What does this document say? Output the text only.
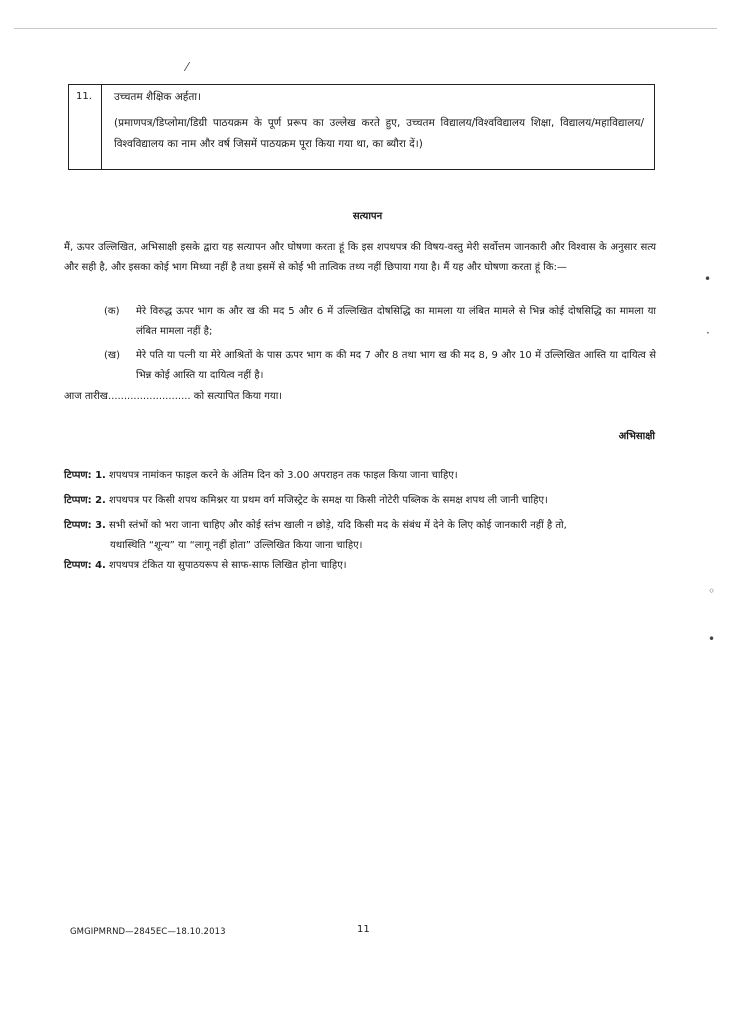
11. उच्चतम शैक्षिक अर्हता।
(प्रमाणपत्र/डिप्लोमा/डिग्री पाठयक्रम के पूर्ण प्ररूप का उल्लेख करते हुए, उच्चतम विद्यालय/विश्वविद्यालय शिक्षा, विद्यालय/महाविद्यालय/विश्वविद्यालय का नाम और वर्ष जिसमें पाठयक्रम पूरा किया गया था, का ब्यौरा दें।)
सत्यापन
मैं, ऊपर उल्लिखित, अभिसाक्षी इसके द्वारा यह सत्यापन और घोषणा करता हूं कि इस शपथपत्र की विषय-वस्तु मेरी सर्वोत्तम जानकारी और विश्वास के अनुसार सत्य और सही है, और इसका कोई भाग मिथ्या नहीं है तथा इसमें से कोई भी तात्विक तथ्य नहीं छिपाया गया है। मैं यह और घोषणा करता हूं कि:—
(क) मेरे विरुद्ध ऊपर भाग क और ख की मद 5 और 6 में उल्लिखित दोषसिद्धि का मामला या लंबित मामले से भिन्न कोई दोषसिद्धि का मामला या लंबित मामला नहीं है;
(ख) मेरे पति या पत्नी या मेरे आश्रितों के पास ऊपर भाग क की मद 7 और 8 तथा भाग ख की मद 8, 9 और 10 में उल्लिखित आस्ति या दायित्व से भिन्न कोई आस्ति या दायित्व नहीं है।
आज तारीख.......................... को सत्यापित किया गया।
अभिसाक्षी
टिप्पण: 1. शपथपत्र नामांकन फाइल करने के अंतिम दिन को 3.00 अपराहन तक फाइल किया जाना चाहिए।
टिप्पण: 2. शपथपत्र पर किसी शपथ कमिश्नर या प्रथम वर्ग मजिस्ट्रेट के समक्ष या किसी नोटेरी पब्लिक के समक्ष शपथ ली जानी चाहिए।
टिप्पण: 3. सभी स्तंभों को भरा जाना चाहिए और कोई स्तंभ खाली न छोड़े, यदि किसी मद के संबंध में देने के लिए कोई जानकारी नहीं है तो,
यथास्थिति “शून्य” या “लागू नहीं होता” उल्लिखित किया जाना चाहिए।
टिप्पण: 4. शपथपत्र टंकित या सुपाठयरूप से साफ-साफ लिखित होना चाहिए।
GMGIPMRND—2845EC—18.10.2013	11
⁄
•
·
◦
•
